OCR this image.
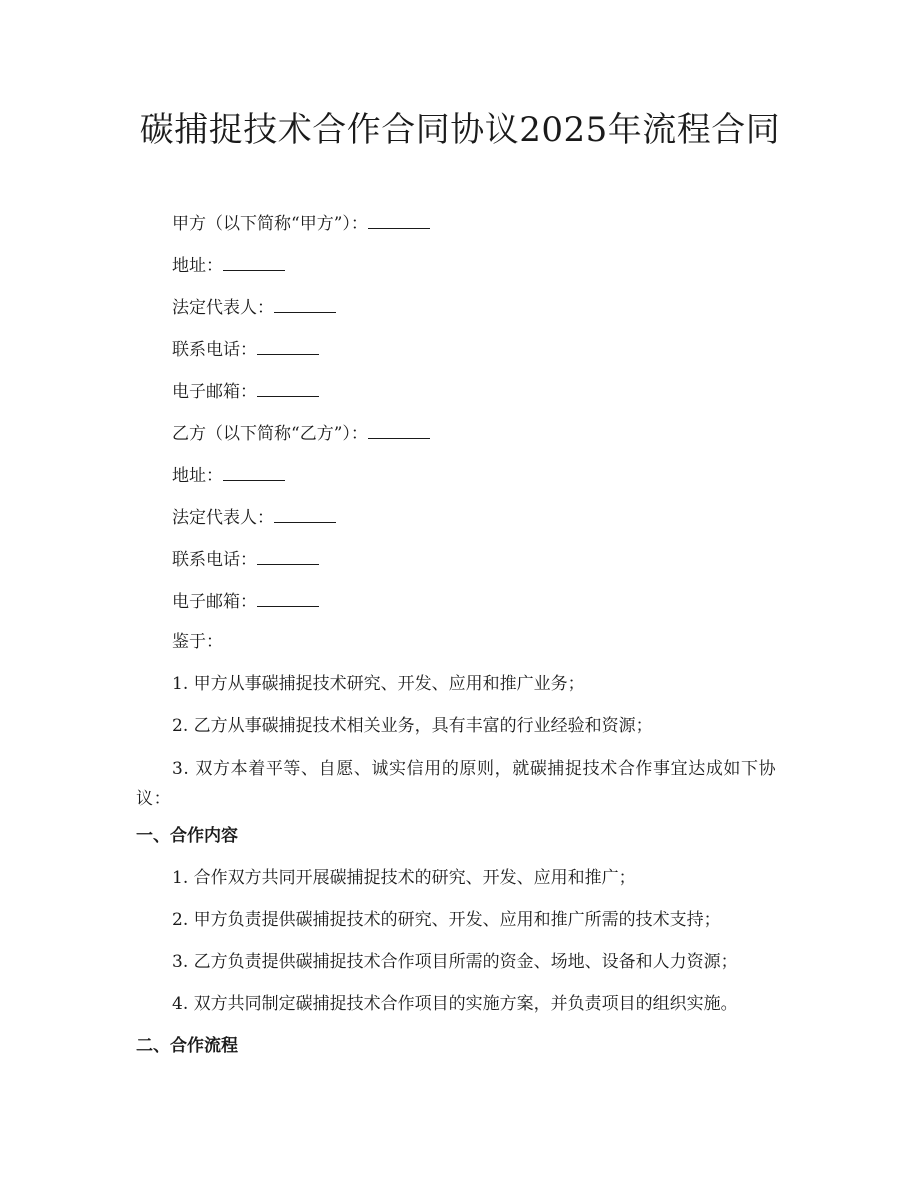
碳捕捉技术合作合同协议2025年流程合同
甲方（以下简称“甲方”）：
地址：
法定代表人：
联系电话：
电子邮箱：
乙方（以下简称“乙方”）：
地址：
法定代表人：
联系电话：
电子邮箱：
鉴于：
1. 甲方从事碳捕捉技术研究、开发、应用和推广业务；
2. 乙方从事碳捕捉技术相关业务，具有丰富的行业经验和资源；
3. 双方本着平等、自愿、诚实信用的原则，就碳捕捉技术合作事宜达成如下协议：
一、合作内容
1. 合作双方共同开展碳捕捉技术的研究、开发、应用和推广；
2. 甲方负责提供碳捕捉技术的研究、开发、应用和推广所需的技术支持；
3. 乙方负责提供碳捕捉技术合作项目所需的资金、场地、设备和人力资源；
4. 双方共同制定碳捕捉技术合作项目的实施方案，并负责项目的组织实施。
二、合作流程
